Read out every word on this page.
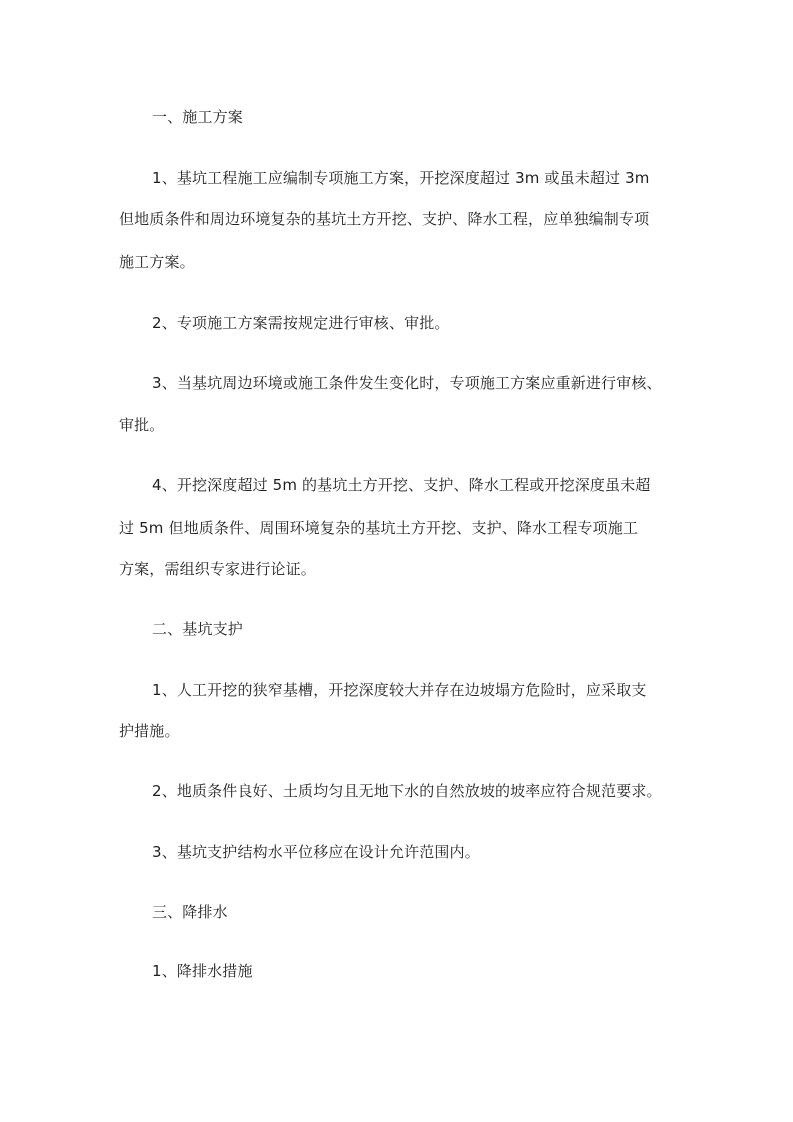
一、施工方案
1、基坑工程施工应编制专项施工方案，开挖深度超过 3m 或虽未超过 3m
但地质条件和周边环境复杂的基坑土方开挖、支护、降水工程，应单独编制专项
施工方案。
2、专项施工方案需按规定进行审核、审批。
3、当基坑周边环境或施工条件发生变化时，专项施工方案应重新进行审核、
审批。
4、开挖深度超过 5m 的基坑土方开挖、支护、降水工程或开挖深度虽未超
过 5m 但地质条件、周围环境复杂的基坑土方开挖、支护、降水工程专项施工
方案，需组织专家进行论证。
二、基坑支护
1、人工开挖的狭窄基槽，开挖深度较大并存在边坡塌方危险时，应采取支
护措施。
2、地质条件良好、土质均匀且无地下水的自然放坡的坡率应符合规范要求。
3、基坑支护结构水平位移应在设计允许范围内。
三、降排水
1、降排水措施
